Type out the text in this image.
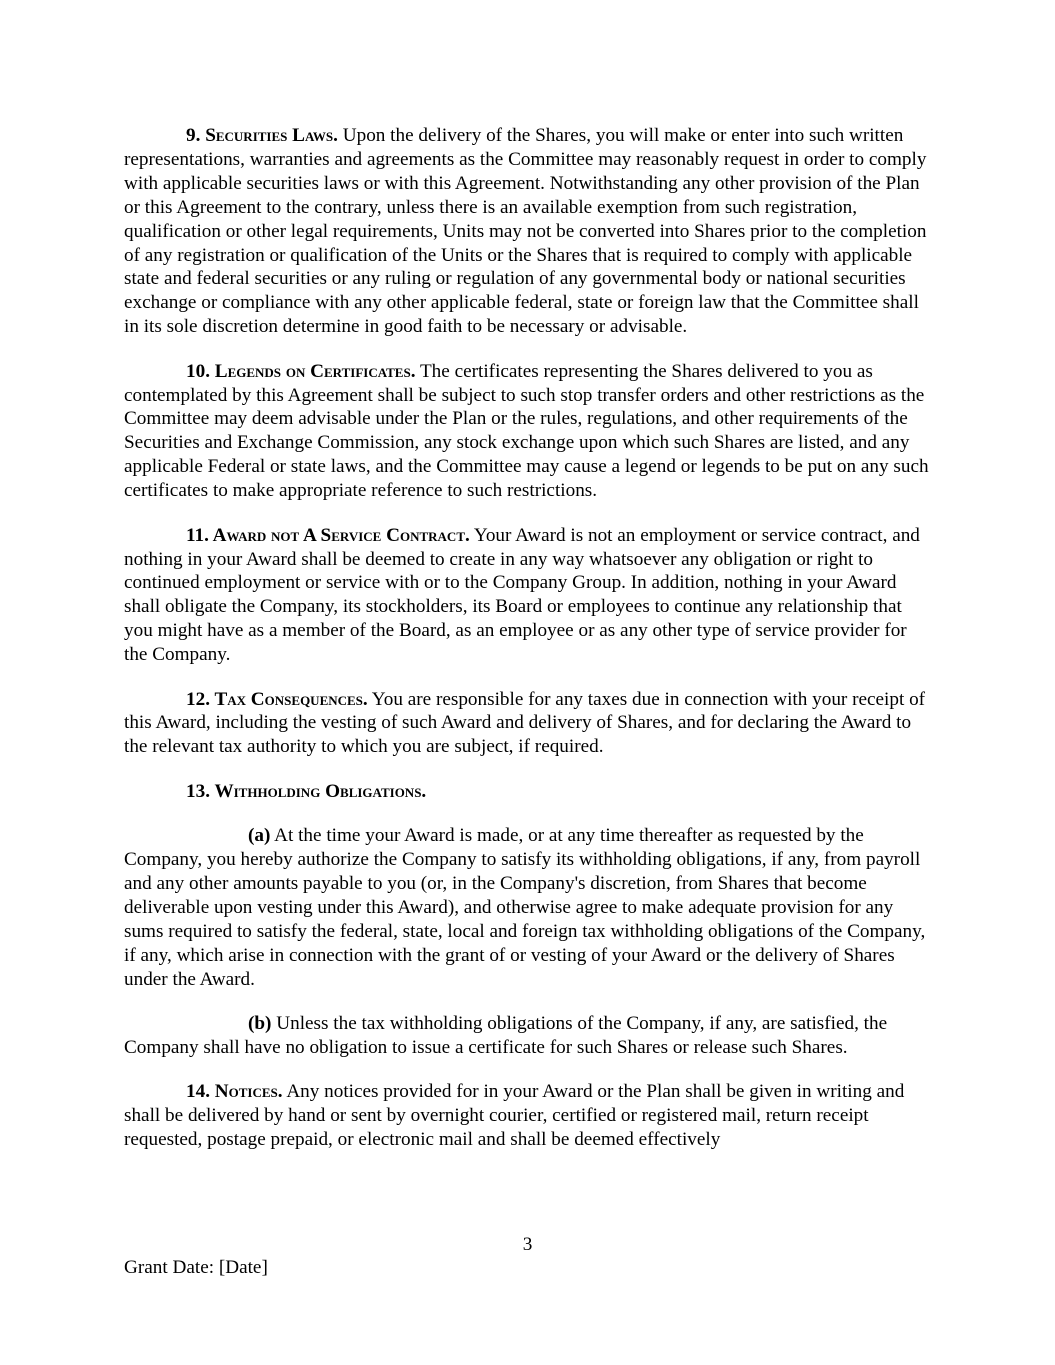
9. Securities Laws. Upon the delivery of the Shares, you will make or enter into such written representations, warranties and agreements as the Committee may reasonably request in order to comply with applicable securities laws or with this Agreement. Notwithstanding any other provision of the Plan or this Agreement to the contrary, unless there is an available exemption from such registration, qualification or other legal requirements, Units may not be converted into Shares prior to the completion of any registration or qualification of the Units or the Shares that is required to comply with applicable state and federal securities or any ruling or regulation of any governmental body or national securities exchange or compliance with any other applicable federal, state or foreign law that the Committee shall in its sole discretion determine in good faith to be necessary or advisable.

10. Legends on Certificates. The certificates representing the Shares delivered to you as contemplated by this Agreement shall be subject to such stop transfer orders and other restrictions as the Committee may deem advisable under the Plan or the rules, regulations, and other requirements of the Securities and Exchange Commission, any stock exchange upon which such Shares are listed, and any applicable Federal or state laws, and the Committee may cause a legend or legends to be put on any such certificates to make appropriate reference to such restrictions.

11. Award not A Service Contract. Your Award is not an employment or service contract, and nothing in your Award shall be deemed to create in any way whatsoever any obligation or right to continued employment or service with or to the Company Group. In addition, nothing in your Award shall obligate the Company, its stockholders, its Board or employees to continue any relationship that you might have as a member of the Board, as an employee or as any other type of service provider for the Company.

12. Tax Consequences. You are responsible for any taxes due in connection with your receipt of this Award, including the vesting of such Award and delivery of Shares, and for declaring the Award to the relevant tax authority to which you are subject, if required.

13. Withholding Obligations.

(a) At the time your Award is made, or at any time thereafter as requested by the Company, you hereby authorize the Company to satisfy its withholding obligations, if any, from payroll and any other amounts payable to you (or, in the Company's discretion, from Shares that become deliverable upon vesting under this Award), and otherwise agree to make adequate provision for any sums required to satisfy the federal, state, local and foreign tax withholding obligations of the Company, if any, which arise in connection with the grant of or vesting of your Award or the delivery of Shares under the Award.

(b) Unless the tax withholding obligations of the Company, if any, are satisfied, the Company shall have no obligation to issue a certificate for such Shares or release such Shares.

14. Notices. Any notices provided for in your Award or the Plan shall be given in writing and shall be delivered by hand or sent by overnight courier, certified or registered mail, return receipt requested, postage prepaid, or electronic mail and shall be deemed effectively

3
Grant Date: [Date]
